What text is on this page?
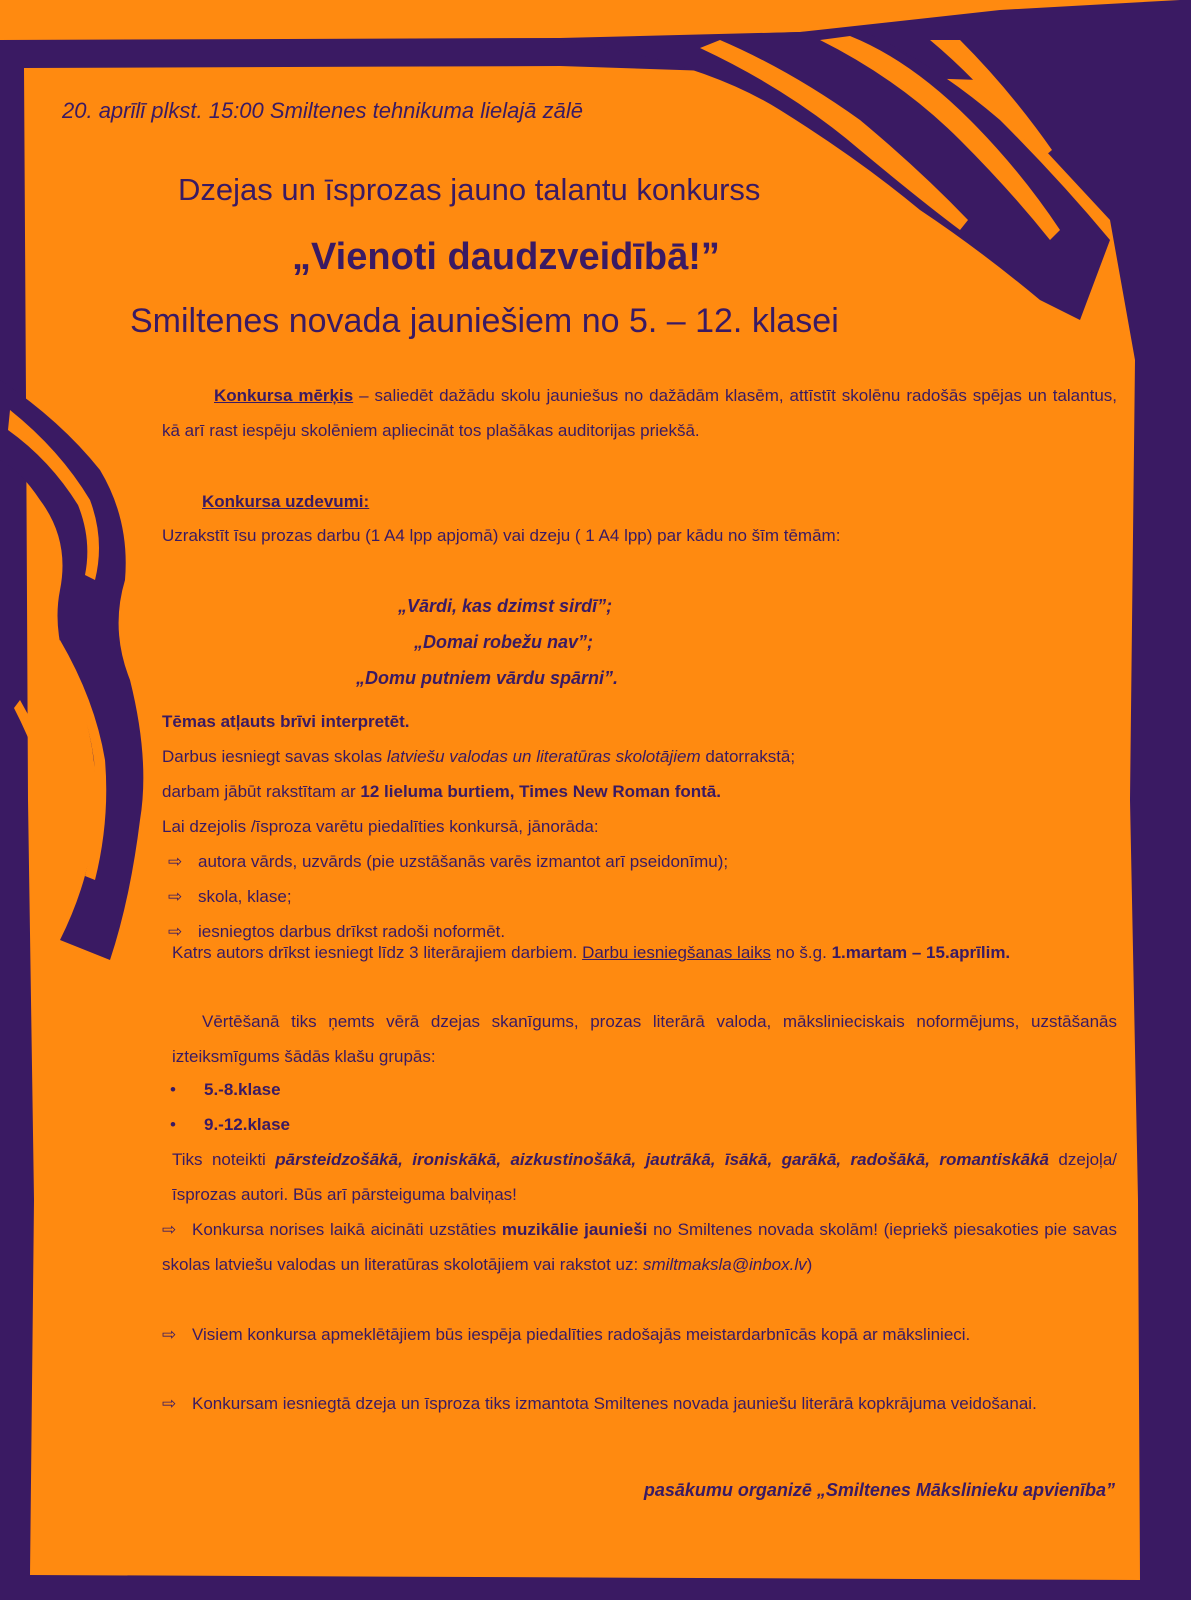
20. aprīlī plkst. 15:00 Smiltenes tehnikuma lielajā zālē

Dzejas un īsprozas jauno talantu konkurss
„Vienoti daudzveidībā!”
Smiltenes novada jauniešiem no 5. – 12. klasei
Konkursa mērķis – saliedēt dažādu skolu jauniešus no dažādām klasēm, attīstīt skolēnu radošās spējas un talantus, kā arī rast iespēju skolēniem apliecināt tos plašākas auditorijas priekšā.
Konkursa uzdevumi:
Uzrakstīt īsu prozas darbu (1 A4 lpp apjomā) vai dzeju ( 1 A4 lpp) par kādu no šīm tēmām:
„Vārdi, kas dzimst sirdī”;
„Domai robežu nav”;
„Domu putniem vārdu spārni”.
Tēmas atļauts brīvi interpretēt.
Darbus iesniegt savas skolas latviešu valodas un literatūras skolotājiem datorrakstā;
darbam jābūt rakstītam ar 12 lieluma burtiem, Times New Roman fontā.
Lai dzejolis /īsproza varētu piedalīties konkursā, jānorāda:
⇨ autora vārds, uzvārds (pie uzstāšanās varēs izmantot arī pseidonīmu);
⇨ skola, klase;
⇨ iesniegtos darbus drīkst radoši noformēt.
Katrs autors drīkst iesniegt līdz 3 literārajiem darbiem. Darbu iesniegšanas laiks no š.g. 1.martam – 15.aprīlim.
Vērtēšanā tiks ņemts vērā dzejas skanīgums, prozas literārā valoda, mākslinieciskais noformējums, uzstāšanās izteiksmīgums šādās klašu grupās:
• 5.-8.klase
• 9.-12.klase
Tiks noteikti pārsteidzošākā, ironiskākā, aizkustinošākā, jautrākā, īsākā, garākā, radošākā, romantiskākā dzejoļa/īsprozas autori. Būs arī pārsteiguma balviņas!
⇨ Konkursa norises laikā aicināti uzstāties muzikālie jaunieši no Smiltenes novada skolām! (iepriekš piesakoties pie savas skolas latviešu valodas un literatūras skolotājiem vai rakstot uz: smiltmaksla@inbox.lv)
⇨ Visiem konkursa apmeklētājiem būs iespēja piedalīties radošajās meistardarbnīcās kopā ar mākslinieci.
⇨ Konkursam iesniegtā dzeja un īsproza tiks izmantota Smiltenes novada jauniešu literārā kopkrājuma veidošanai.
pasākumu organizē „Smiltenes Mākslinieku apvienība”
